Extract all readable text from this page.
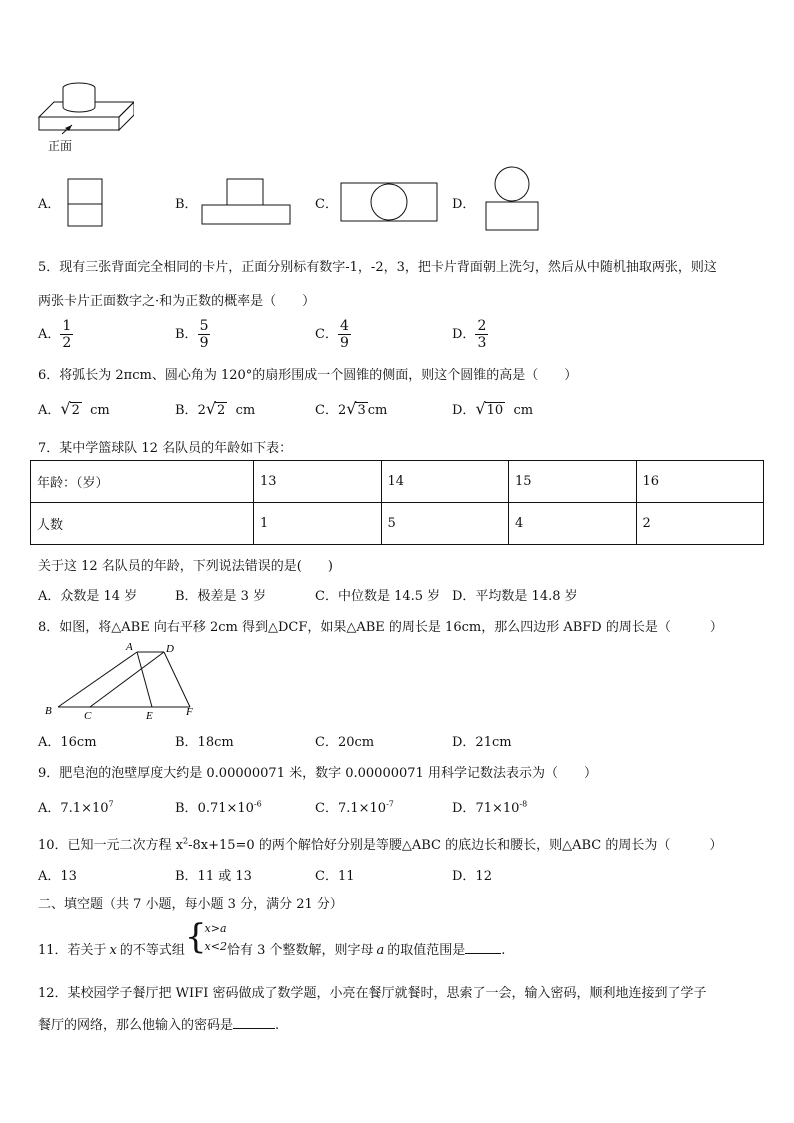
正面
A．	B．	C．	D．
5．现有三张背面完全相同的卡片，正面分别标有数字-1，-2，3，把卡片背面朝上洗匀，然后从中随机抽取两张，则这
两张卡片正面数字之·和为正数的概率是（　　）
A． $\frac{1}{2}$	B． $\frac{5}{9}$	C． $\frac{4}{9}$	D． $\frac{2}{3}$
6．将弧长为 2πcm、圆心角为 120°的扇形围成一个圆锥的侧面，则这个圆锥的高是（　　）
A．√2 cm	B．2√2 cm	C．2√3 cm	D．√10 cm
7．某中学篮球队 12 名队员的年龄如下表：
年龄：（岁）	13	14	15	16
人数	1	5	4	2
关于这 12 名队员的年龄，下列说法错误的是(　　)
A．众数是 14 岁	B．极差是 3 岁	C．中位数是 14.5 岁 D．平均数是 14.8 岁
8．如图，将△ABE 向右平移 2cm 得到△DCF，如果△ABE 的周长是 16cm，那么四边形 ABFD 的周长是（　　　）
A	D
B	C	E	F
A．16cm	B．18cm	C．20cm	D．21cm
9．肥皂泡的泡壁厚度大约是 0.00000071 米，数字 0.00000071 用科学记数法表示为（　　）
A．$7.1\times 10^7$	B．$0.71\times 10^{-6}$	C．$7.1\times 10^{-7}$	D．$71\times 10^{-8}$
10．已知一元二次方程 $x^2-8x+15=0$ 的两个解恰好分别是等腰△ABC 的底边长和腰长，则△ABC 的周长为（　　　）
A．13	B．11 或 13	C．11	D．12
二、填空题（共 7 小题，每小题 3 分，满分 21 分）
11．若关于 x 的不等式组{
x>a
x<2 恰有 3 个整数解，则字母 a 的取值范围是	.
12．某校园学子餐厅把 WIFI 密码做成了数学题，小亮在餐厅就餐时，思索了一会，输入密码，顺利地连接到了学子
餐厅的网络，那么他输入的密码是	.
